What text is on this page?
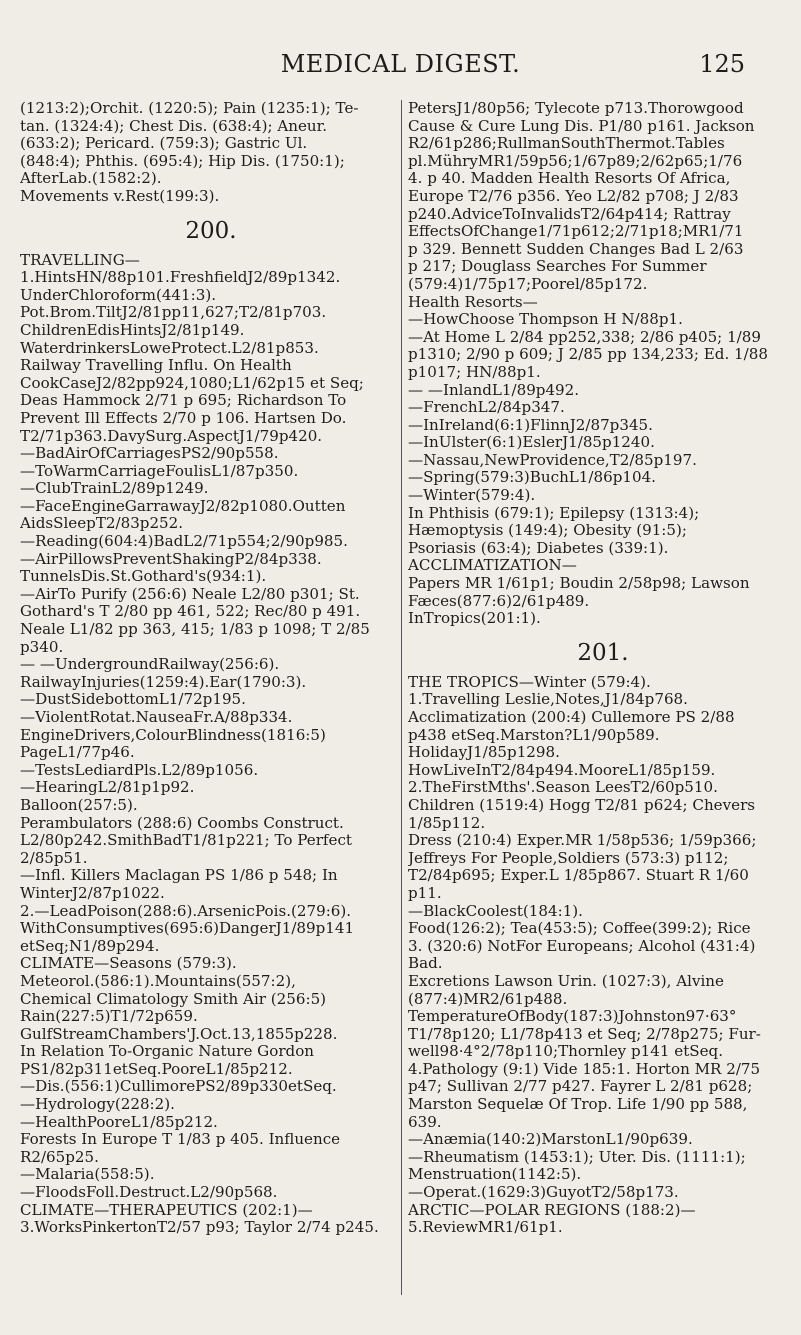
MEDICAL DIGEST.	125
(1213:2);Orchit. (1220:5); Pain (1235:1); Te-
tan. (1324:4); Chest Dis. (638:4); Aneur.
(633:2); Pericard. (759:3); Gastric Ul.
(848:4); Phthis. (695:4); Hip Dis. (1750:1);
AfterLab.(1582:2).
Movements v.Rest(199:3).
200.
TRAVELLING—
1.HintsHN/88p101.FreshfieldJ2/89p1342.
UnderChloroform(441:3).
Pot.Brom.TiltJ2/81pp11,627;T2/81p703.
ChildrenEdisHintsJ2/81p149.
WaterdrinkersLoweProtect.L2/81p853.
Railway Travelling Influ. On Health
CookCaseJ2/82pp924,1080;L1/62p15 et Seq;
Deas Hammock 2/71 p 695; Richardson To
Prevent Ill Effects 2/70 p 106. Hartsen Do.
T2/71p363.DavySurg.AspectJ1/79p420.
—BadAirOfCarriagesPS2/90p558.
—ToWarmCarriageFoulisL1/87p350.
—ClubTrainL2/89p1249.
—FaceEngineGarrawayJ2/82p1080.Outten
AidsSleepT2/83p252.
—Reading(604:4)BadL2/71p554;2/90p985.
—AirPillowsPreventShakingP2/84p338.
TunnelsDis.St.Gothard's(934:1).
—AirTo Purify (256:6) Neale L2/80 p301; St.
Gothard's T 2/80 pp 461, 522; Rec/80 p 491.
Neale L1/82 pp 363, 415; 1/83 p 1098; T 2/85
p340.
— —UndergroundRailway(256:6).
RailwayInjuries(1259:4).Ear(1790:3).
—DustSidebottomL1/72p195.
—ViolentRotat.NauseaFr.A/88p334.
EngineDrivers,ColourBlindness(1816:5)
PageL1/77p46.
—TestsLediardPls.L2/89p1056.
—HearingL2/81p1p92.
Balloon(257:5).
Perambulators (288:6) Coombs Construct.
L2/80p242.SmithBadT1/81p221; To Perfect
2/85p51.
—Infl. Killers Maclagan PS 1/86 p 548; In
WinterJ2/87p1022.
2.—LeadPoison(288:6).ArsenicPois.(279:6).
WithConsumptives(695:6)DangerJ1/89p141
etSeq;N1/89p294.
CLIMATE—Seasons (579:3).
Meteorol.(586:1).Mountains(557:2),
Chemical Climatology Smith Air (256:5)
Rain(227:5)T1/72p659.
GulfStreamChambers'J.Oct.13,1855p228.
In Relation To-Organic Nature Gordon
PS1/82p311etSeq.PooreL1/85p212.
—Dis.(556:1)CullimorePS2/89p330etSeq.
—Hydrology(228:2).
—HealthPooreL1/85p212.
Forests In Europe T 1/83 p 405. Influence
R2/65p25.
—Malaria(558:5).
—FloodsFoll.Destruct.L2/90p568.
CLIMATE—THERAPEUTICS (202:1)—
3.WorksPinkertonT2/57 p93; Taylor 2/74 p245.
PetersJ1/80p56; Tylecote p713.Thorowgood
Cause & Cure Lung Dis. P1/80 p161. Jackson
R2/61p286;RullmanSouthThermot.Tables
pl.MühryMR1/59p56;1/67p89;2/62p65;1/76
4. p 40. Madden Health Resorts Of Africa,
Europe T2/76 p356. Yeo L2/82 p708; J 2/83
p240.AdviceToInvalidsT2/64p414; Rattray
EffectsOfChange1/71p612;2/71p18;MR1/71
p 329. Bennett Sudden Changes Bad L 2/63
p 217; Douglass Searches For Summer
(579:4)1/75p17;Poorel/85p172.
Health Resorts—
—HowChoose Thompson H N/88p1.
—At Home L 2/84 pp252,338; 2/86 p405; 1/89
p1310; 2/90 p 609; J 2/85 pp 134,233; Ed. 1/88
p1017; HN/88p1.
— —InlandL1/89p492.
—FrenchL2/84p347.
—InIreland(6:1)FlinnJ2/87p345.
—InUlster(6:1)EslerJ1/85p1240.
—Nassau,NewProvidence,T2/85p197.
—Spring(579:3)BuchL1/86p104.
—Winter(579:4).
In Phthisis (679:1); Epilepsy (1313:4);
Hæmoptysis (149:4); Obesity (91:5);
Psoriasis (63:4); Diabetes (339:1).
ACCLIMATIZATION—
Papers MR 1/61p1; Boudin 2/58p98; Lawson
Fæces(877:6)2/61p489.
InTropics(201:1).
201.
THE TROPICS—Winter (579:4).
1.Travelling Leslie,Notes,J1/84p768.
Acclimatization (200:4) Cullemore PS 2/88
p438 etSeq.Marston?L1/90p589.
HolidayJ1/85p1298.
HowLiveInT2/84p494.MooreL1/85p159.
2.TheFirstMths'.Season LeesT2/60p510.
Children (1519:4) Hogg T2/81 p624; Chevers
1/85p112.
Dress (210:4) Exper.MR 1/58p536; 1/59p366;
Jeffreys For People,Soldiers (573:3) p112;
T2/84p695; Exper.L 1/85p867. Stuart R 1/60
p11.
—BlackCoolest(184:1).
Food(126:2); Tea(453:5); Coffee(399:2); Rice
3. (320:6) NotFor Europeans; Alcohol (431:4)
Bad.
Excretions Lawson Urin. (1027:3), Alvine
(877:4)MR2/61p488.
TemperatureOfBody(187:3)Johnston97·63°
T1/78p120; L1/78p413 et Seq; 2/78p275; Fur-
well98·4°2/78p110;Thornley p141 etSeq.
4.Pathology (9:1) Vide 185:1. Horton MR 2/75
p47; Sullivan 2/77 p427. Fayrer L 2/81 p628;
Marston Sequelæ Of Trop. Life 1/90 pp 588,
639.
—Anæmia(140:2)MarstonL1/90p639.
—Rheumatism (1453:1); Uter. Dis. (1111:1);
Menstruation(1142:5).
—Operat.(1629:3)GuyotT2/58p173.
ARCTIC—POLAR REGIONS (188:2)—
5.ReviewMR1/61p1.
